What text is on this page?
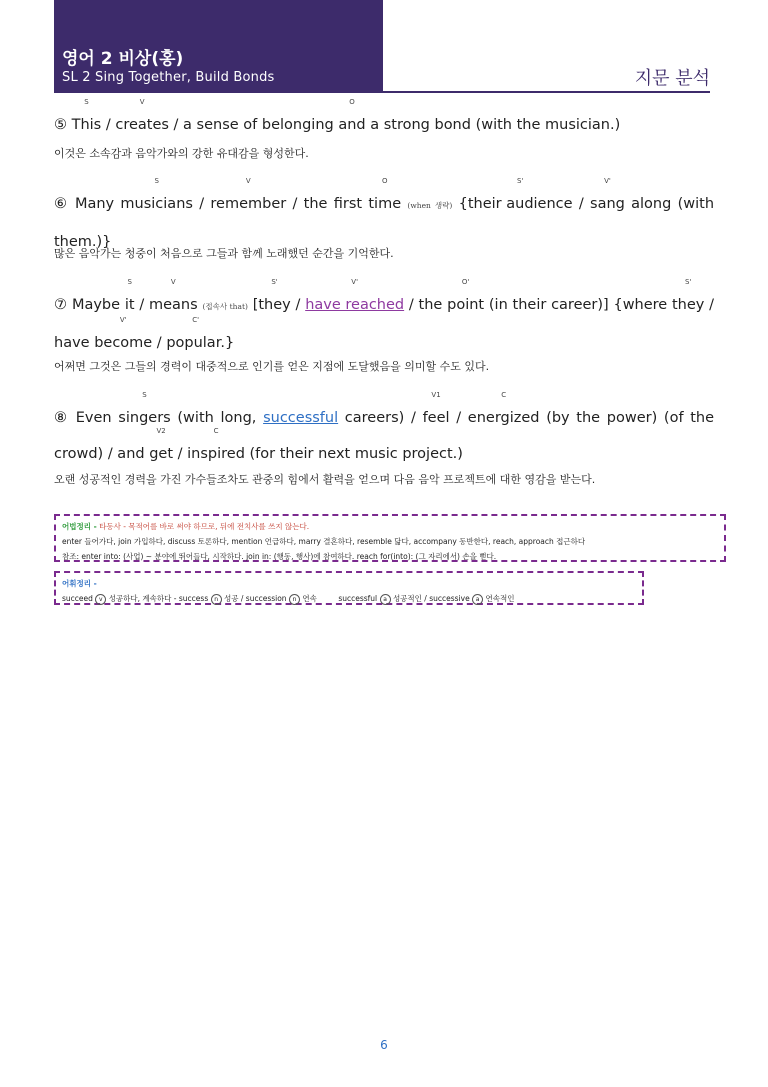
영어 2 비상(홍)
SL 2 Sing Together, Build Bonds	지문 분석
⑤
S
This /
V
creates / a sense of belonging
O
and a strong bond (with the musician.)
이것은 소속감과 음악가와의 강한 유대감을 형성한다.
⑥ Many
S
musicians /
V
remember / the first
O
time (when 생략) {
S'
their audience /
V'
sang along (with them.)}
많은 음악가는 청중이 처음으로 그들과 함께 노래했던 순간을 기억한다.
⑦ Maybe
S
it /
V
means (접속사 that) [
S'
they /
V'
have reached / the
O'
point (in their career)] {where
S'
they / have
V'
become /
C'
popular.}
어쩌면 그것은 그들의 경력이 대중적으로 인기를 얻은 지점에 도달했음을 의미할 수도 있다.
⑧ Even
S
singers (with long, successful careers) /
V1
feel /
C
energized (by the power) (of the crowd) / and
V2
get /
C
inspired (for their next music project.)
오랜 성공적인 경력을 가진 가수들조차도 관중의 힘에서 활력을 얻으며 다음 음악 프로젝트에 대한 영감을 받는다.
어법정리 - 타동사 - 목적어를 바로 써야 하므로, 뒤에 전치사를 쓰지 않는다.
enter 들어가다, join 가입하다, discuss 토론하다, mention 언급하다, marry 결혼하다, resemble 닮다, accompany 동반한다, reach, approach 접근하다
참조: enter into: (사업) ~ 분야에 뛰어들다, 시작하다. join in: (행동, 행사)에 참여하다. reach for(into): (그 자리에서) 손을 뻗다.
어휘정리 -
succeed v 성공하다, 계속하다 - success n 성공 / succession n 연속	successful a 성공적인 / successive a 연속적인
6
